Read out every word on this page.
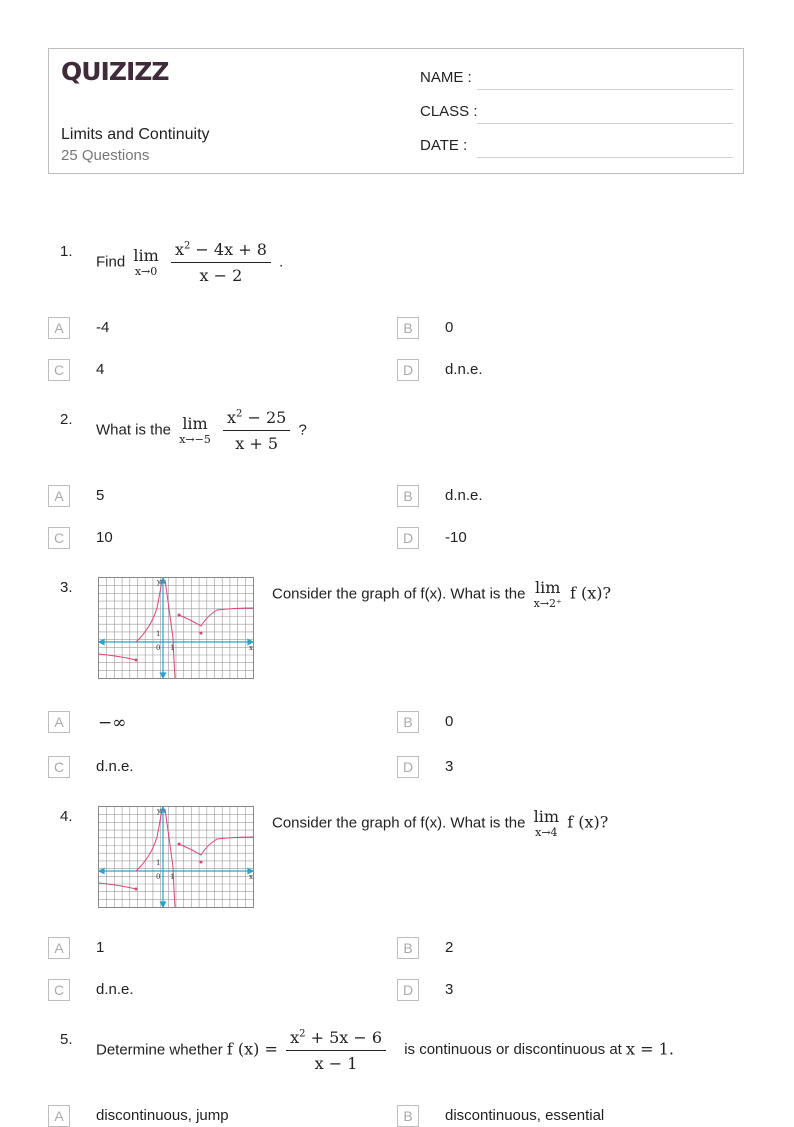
QUIZIZZ
Limits and Continuity
25 Questions
NAME :
CLASS :
DATE :
1.
Find lim
x→0
$\frac{x^2 - 4x + 8}{x - 2}$ .
A	-4	B	0
C	4	D	d.n.e.
2.
What is the lim
x→−5
$\frac{x^2 - 25}{x + 5}$ ?
A	5	B	d.n.e.
C	10	D	-10
3.
x
y
0 1
1
Consider the graph of f(x). What is the lim
x→2⁺
f (x)?
A	−∞	B	0
C	d.n.e.	D	3
4.
x
y
0 1
1
Consider the graph of f(x). What is the lim
x→4
f (x)?
A	1	B	2
C	d.n.e.	D	3
5.
Determine whether f $(x) = \frac{x^2 + 5x - 6}{x - 1}$ is continuous or discontinuous at x = 1.
A	discontinuous, jump	B	discontinuous, essential
